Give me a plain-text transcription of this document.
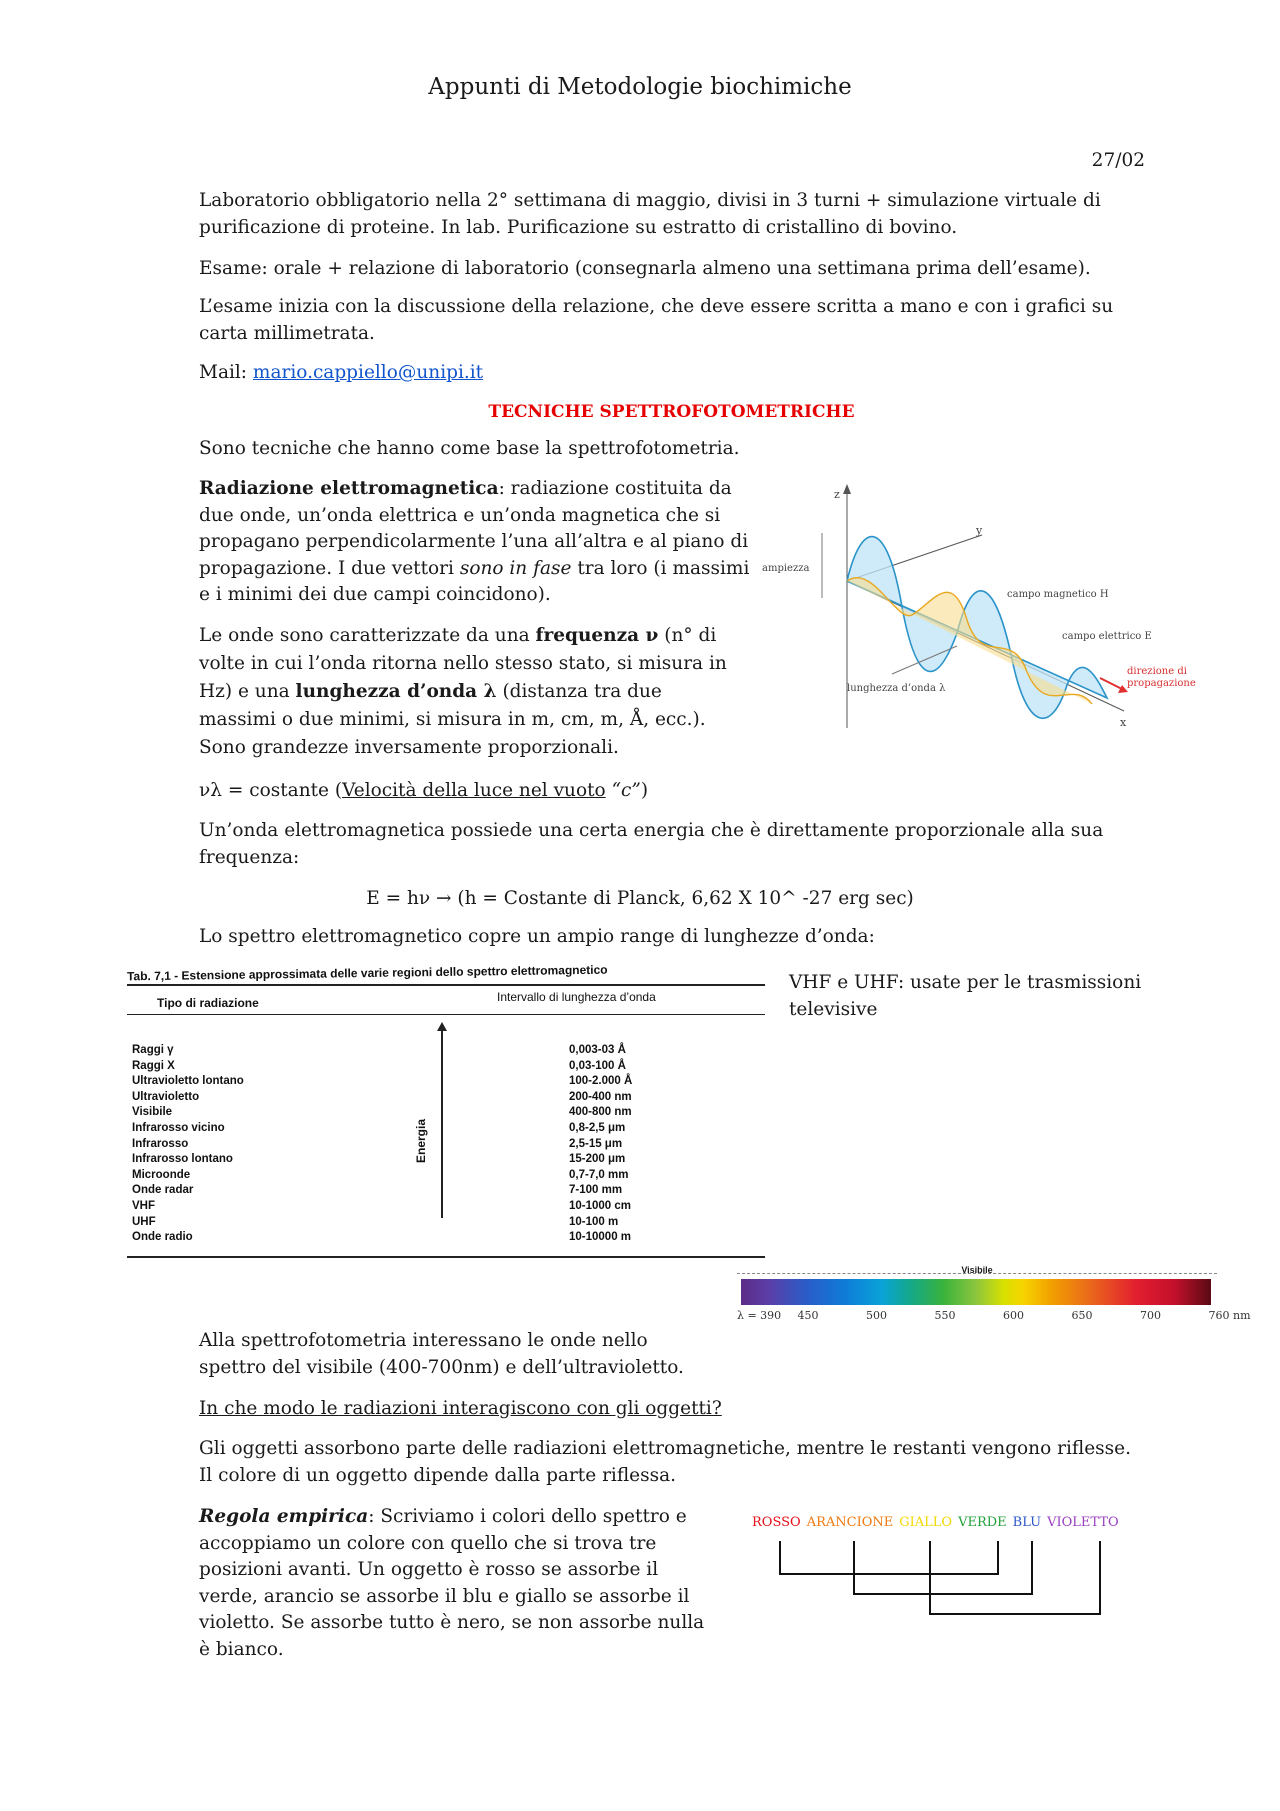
Appunti di Metodologie biochimiche
27/02

Laboratorio obbligatorio nella 2° settimana di maggio, divisi in 3 turni + simulazione virtuale di purificazione di proteine. In lab. Purificazione su estratto di cristallino di bovino.

Esame: orale + relazione di laboratorio (consegnarla almeno una settimana prima dell’esame).

L’esame inizia con la discussione della relazione, che deve essere scritta a mano e con i grafici su carta millimetrata.

Mail: mario.cappiello@unipi.it

TECNICHE SPETTROFOTOMETRICHE

Sono tecniche che hanno come base la spettrofotometria.

Radiazione elettromagnetica: radiazione costituita da due onde, un’onda elettrica e un’onda magnetica che si propagano perpendicolarmente l’una all’altra e al piano di propagazione. I due vettori sono in fase tra loro (i massimi e i minimi dei due campi coincidono).

Le onde sono caratterizzate da una frequenza ν (n° di volte in cui l’onda ritorna nello stesso stato, si misura in Hz) e una lunghezza d’onda λ (distanza tra due massimi o due minimi, si misura in m, cm, m, Å, ecc.). Sono grandezze inversamente proporzionali.

z
y
x
ampiezza
campo magnetico H
campo elettrico E
lunghezza d’onda λ
direzione di propagazione

νλ = costante (Velocità della luce nel vuoto “c”)

Un’onda elettromagnetica possiede una certa energia che è direttamente proporzionale alla sua frequenza:

E = hν → (h = Costante di Planck, 6,62 X 10^ -27 erg sec)

Lo spettro elettromagnetico copre un ampio range di lunghezze d’onda:

Tab. 7,1 - Estensione approssimata delle varie regioni dello spettro elettromagnetico
Tipo di radiazione	Intervallo di lunghezza d’onda
Raggi γ	0,003-03 Å
Raggi X	0,03-100 Å
Ultravioletto lontano	100-2.000 Å
Ultravioletto	200-400 nm
Visibile	400-800 nm
Infrarosso vicino	0,8-2,5 μm
Infrarosso	2,5-15 μm
Infrarosso lontano	15-200 μm
Microonde	0,7-7,0 mm
Onde radar	7-100 mm
VHF	10-1000 cm
UHF	10-100 m
Onde radio	10-10000 m
Energia

VHF e UHF: usate per le trasmissioni televisive

Visibile
λ = 390 450	500	550	600	650	700	760 nm

Alla spettrofotometria interessano le onde nello spettro del visibile (400-700nm) e dell’ultravioletto.

In che modo le radiazioni interagiscono con gli oggetti?

Gli oggetti assorbono parte delle radiazioni elettromagnetiche, mentre le restanti vengono riflesse. Il colore di un oggetto dipende dalla parte riflessa.

Regola empirica: Scriviamo i colori dello spettro e accoppiamo un colore con quello che si trova tre posizioni avanti. Un oggetto è rosso se assorbe il verde, arancio se assorbe il blu e giallo se assorbe il violetto. Se assorbe tutto è nero, se non assorbe nulla è bianco.

ROSSO ARANCIONE GIALLO VERDE BLU VIOLETTO
